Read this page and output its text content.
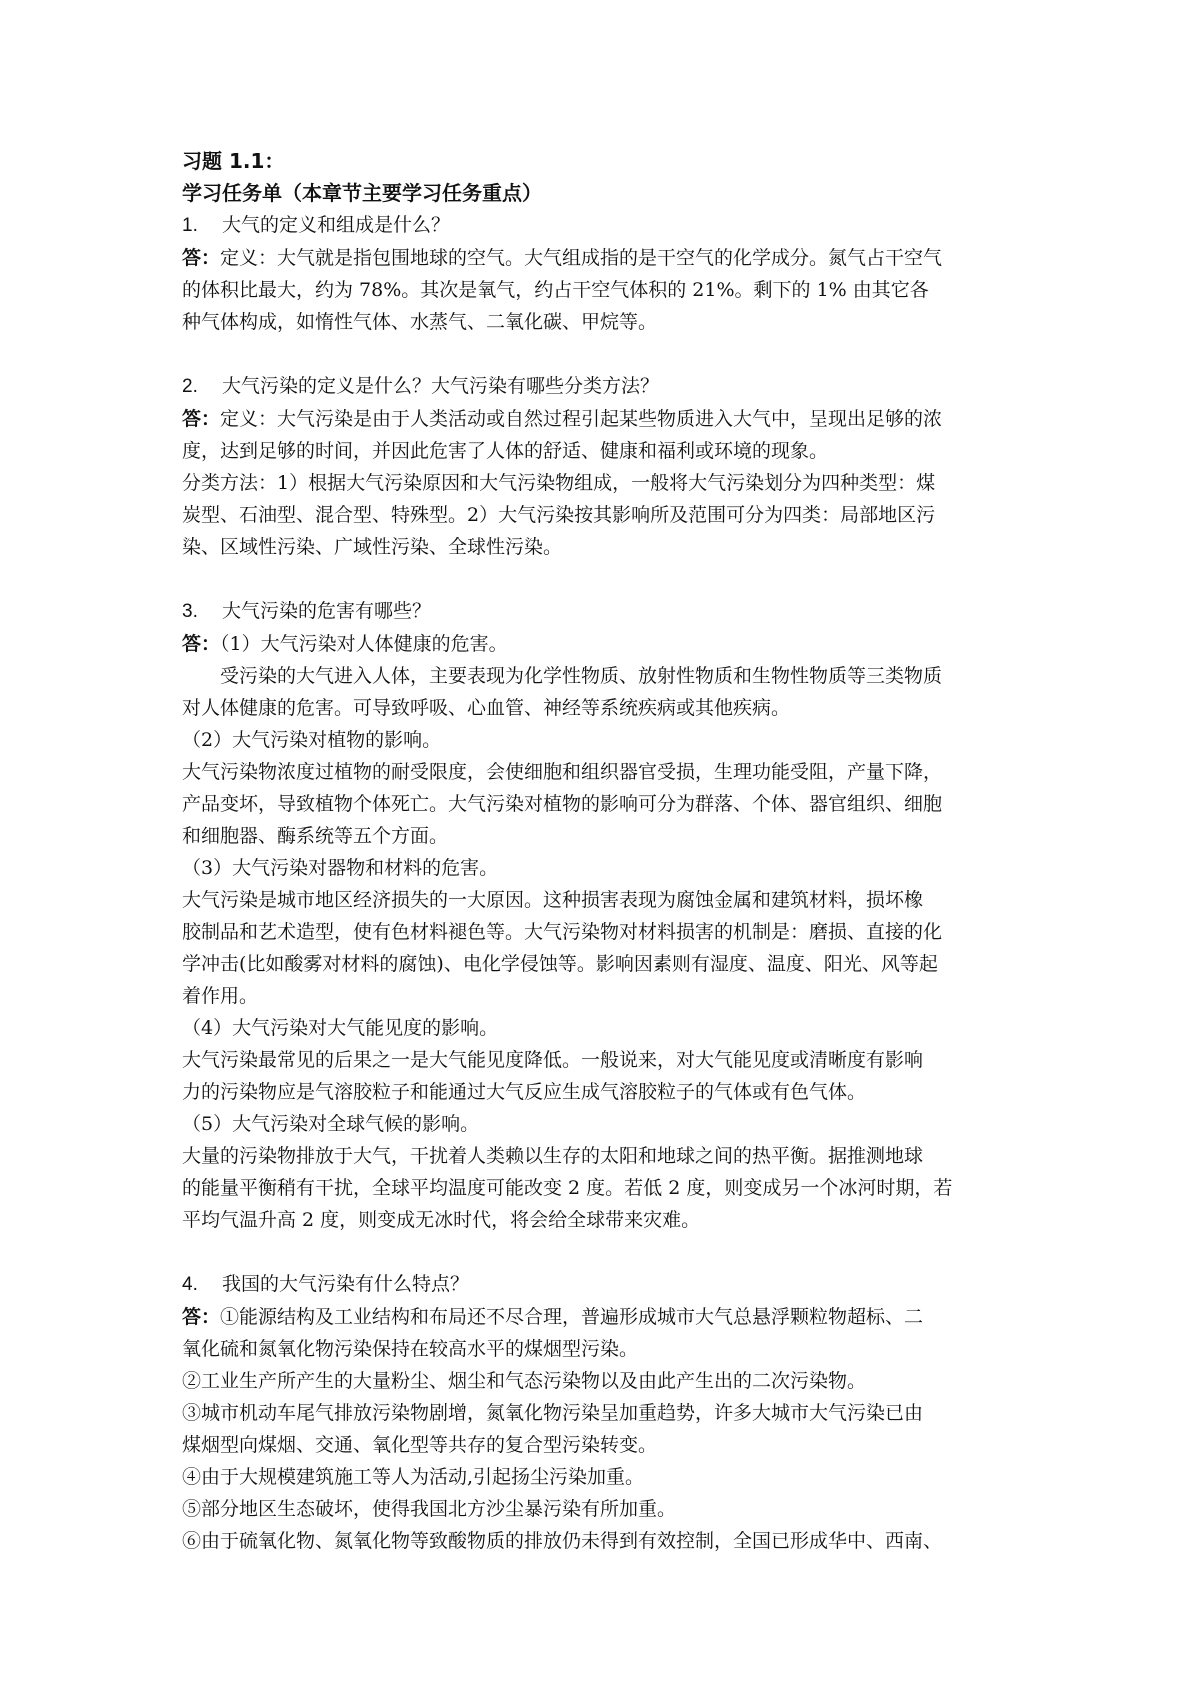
习题 1.1：
学习任务单（本章节主要学习任务重点）
1. 大气的定义和组成是什么？
答：定义：大气就是指包围地球的空气。大气组成指的是干空气的化学成分。氮气占干空气
的体积比最大，约为 78%。其次是氧气，约占干空气体积的 21%。剩下的 1% 由其它各
种气体构成，如惰性气体、水蒸气、二氧化碳、甲烷等。
2. 大气污染的定义是什么？大气污染有哪些分类方法？
答：定义：大气污染是由于人类活动或自然过程引起某些物质进入大气中，呈现出足够的浓
度，达到足够的时间，并因此危害了人体的舒适、健康和福利或环境的现象。
分类方法：1）根据大气污染原因和大气污染物组成，一般将大气污染划分为四种类型：煤
炭型、石油型、混合型、特殊型。2）大气污染按其影响所及范围可分为四类：局部地区污
染、区域性污染、广域性污染、全球性污染。
3. 大气污染的危害有哪些？
答：（1）大气污染对人体健康的危害。
　　受污染的大气进入人体，主要表现为化学性物质、放射性物质和生物性物质等三类物质
对人体健康的危害。可导致呼吸、心血管、神经等系统疾病或其他疾病。
（2）大气污染对植物的影响。
大气污染物浓度过植物的耐受限度，会使细胞和组织器官受损，生理功能受阻，产量下降，
产品变坏，导致植物个体死亡。大气污染对植物的影响可分为群落、个体、器官组织、细胞
和细胞器、酶系统等五个方面。
（3）大气污染对器物和材料的危害。
大气污染是城市地区经济损失的一大原因。这种损害表现为腐蚀金属和建筑材料，损坏橡
胶制品和艺术造型，使有色材料褪色等。大气污染物对材料损害的机制是：磨损、直接的化
学冲击(比如酸雾对材料的腐蚀)、电化学侵蚀等。影响因素则有湿度、温度、阳光、风等起
着作用。
（4）大气污染对大气能见度的影响。
大气污染最常见的后果之一是大气能见度降低。一般说来，对大气能见度或清晰度有影响
力的污染物应是气溶胶粒子和能通过大气反应生成气溶胶粒子的气体或有色气体。
（5）大气污染对全球气候的影响。
大量的污染物排放于大气，干扰着人类赖以生存的太阳和地球之间的热平衡。据推测地球
的能量平衡稍有干扰，全球平均温度可能改变 2 度。若低 2 度，则变成另一个冰河时期，若
平均气温升高 2 度，则变成无冰时代，将会给全球带来灾难。
4. 我国的大气污染有什么特点？
答：①能源结构及工业结构和布局还不尽合理，普遍形成城市大气总悬浮颗粒物超标、二
氧化硫和氮氧化物污染保持在较高水平的煤烟型污染。
②工业生产所产生的大量粉尘、烟尘和气态污染物以及由此产生出的二次污染物。
③城市机动车尾气排放污染物剧增，氮氧化物污染呈加重趋势，许多大城市大气污染已由
煤烟型向煤烟、交通、氧化型等共存的复合型污染转变。
④由于大规模建筑施工等人为活动,引起扬尘污染加重。
⑤部分地区生态破坏，使得我国北方沙尘暴污染有所加重。
⑥由于硫氧化物、氮氧化物等致酸物质的排放仍未得到有效控制，全国已形成华中、西南、
